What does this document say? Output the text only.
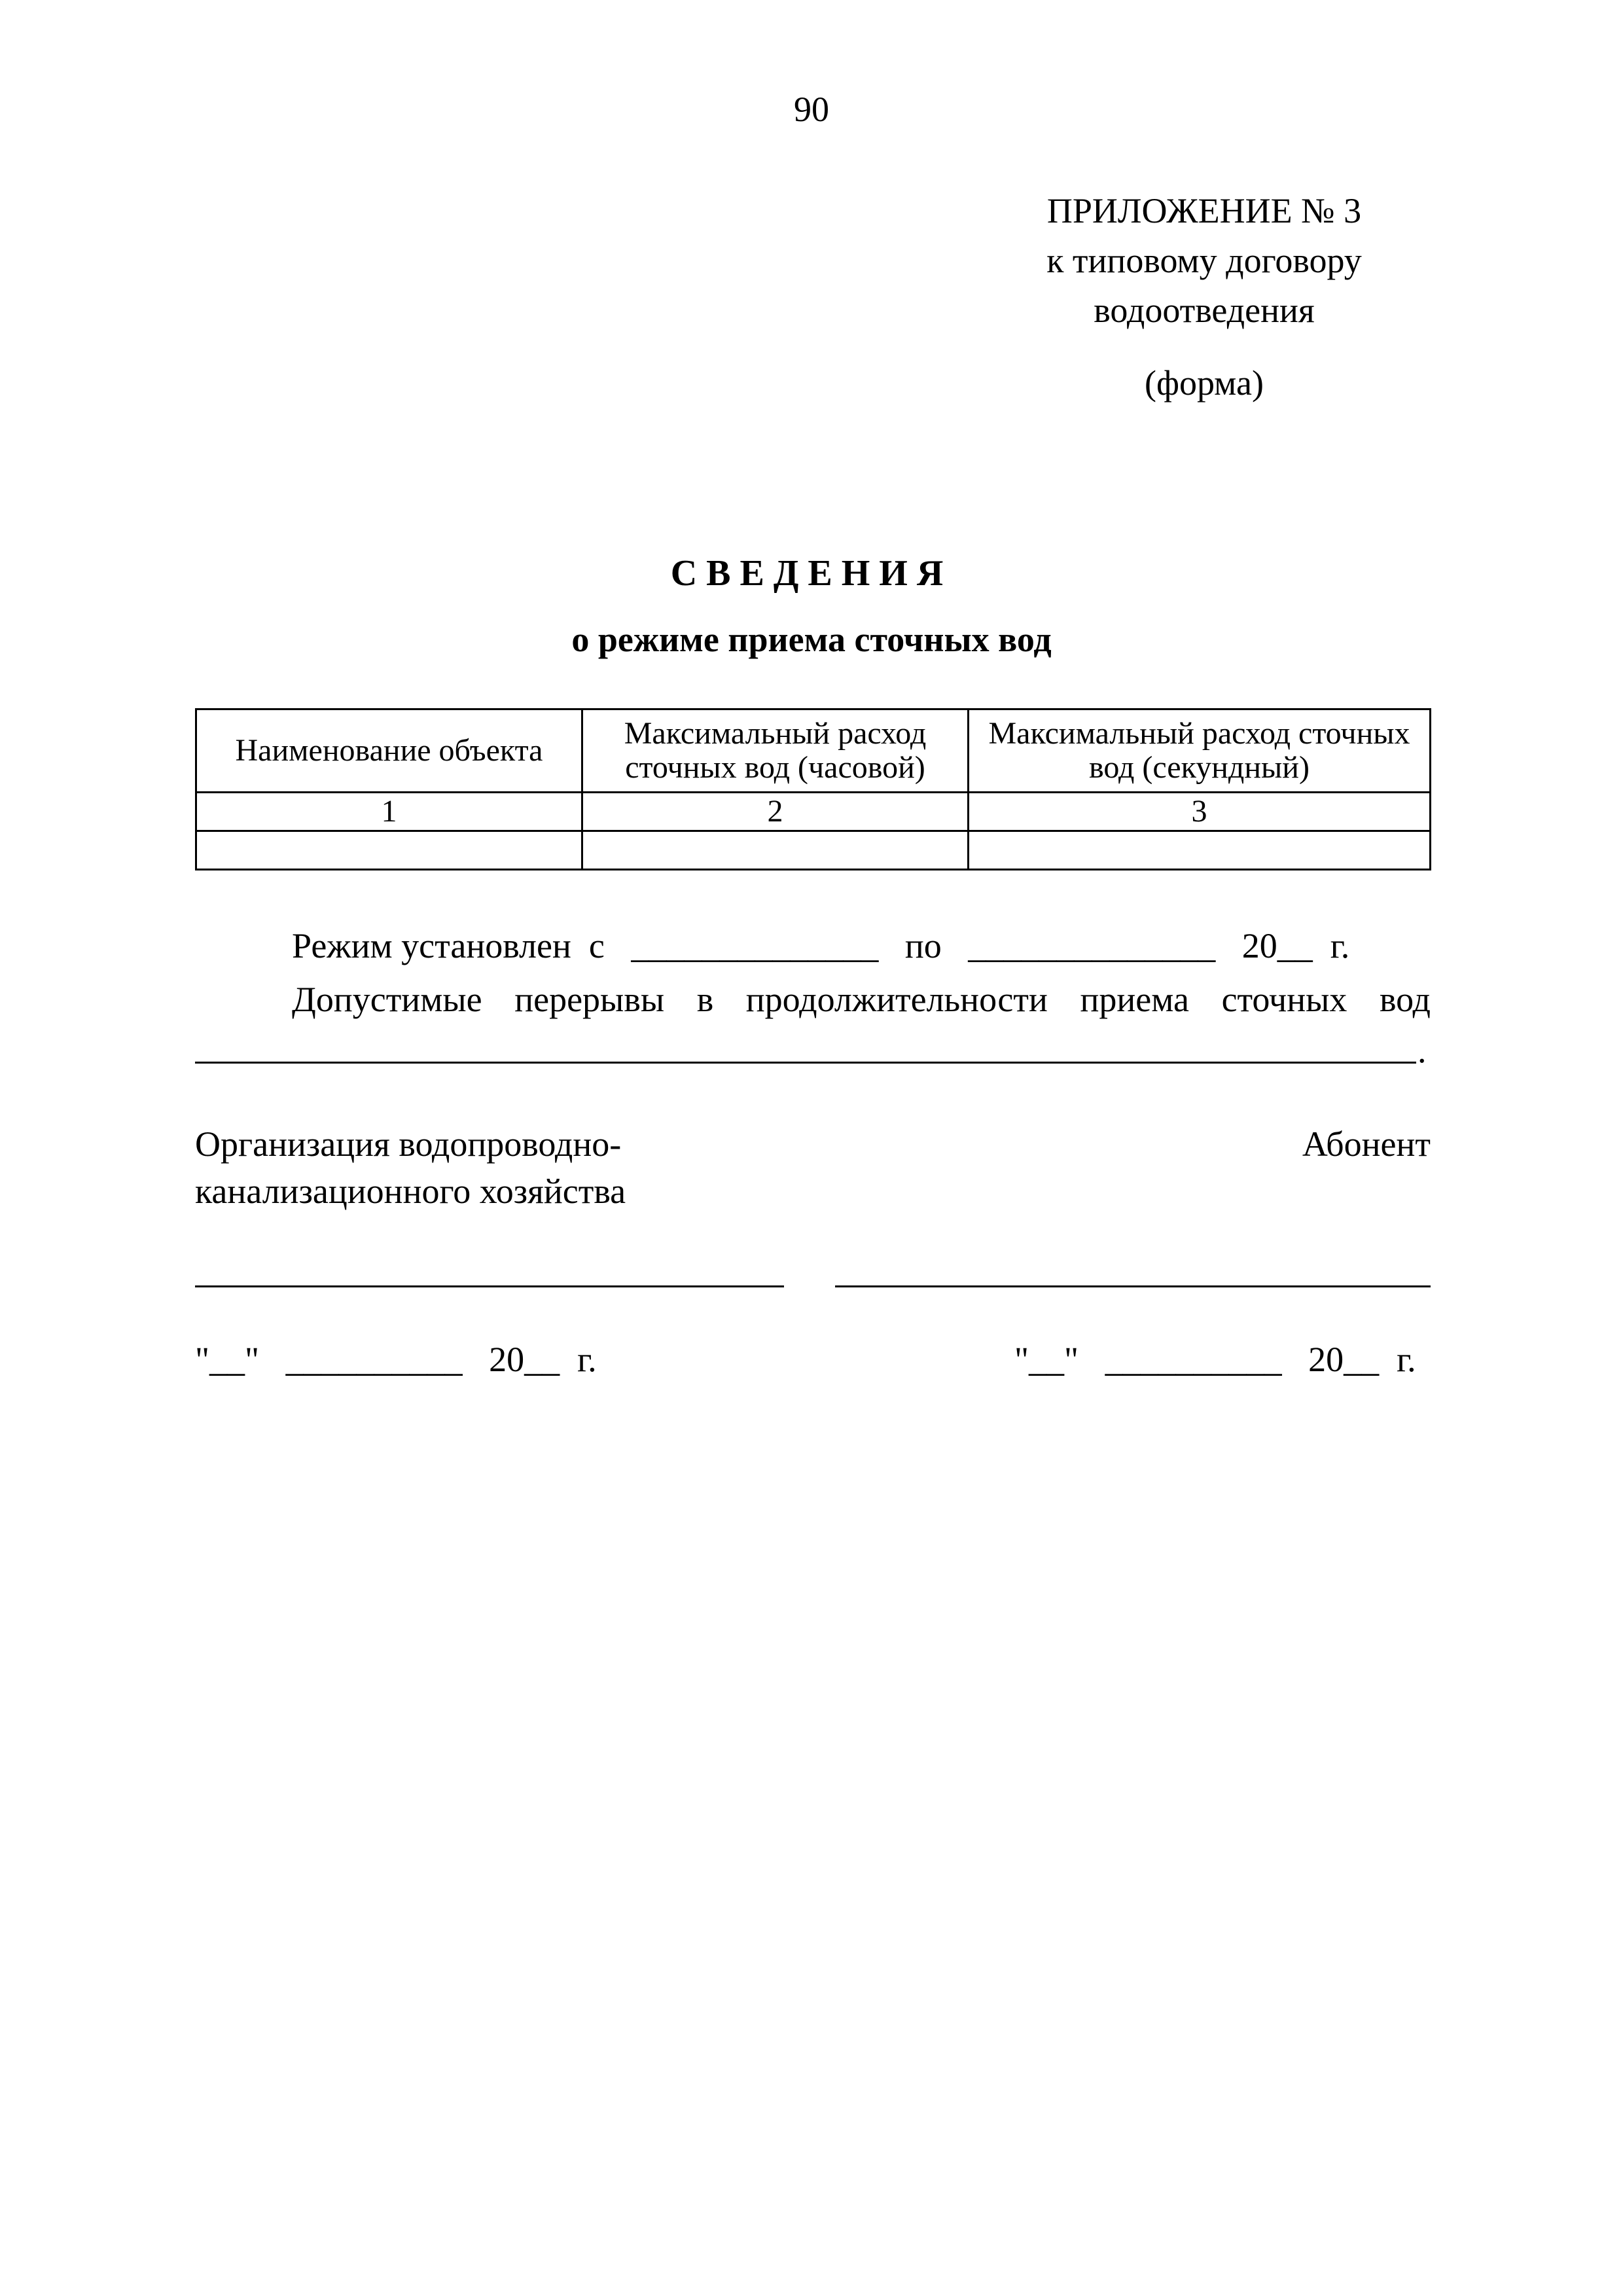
90
ПРИЛОЖЕНИЕ № 3
к типовому договору
водоотведения
(форма)
СВЕДЕНИЯ
о режиме приема сточных вод
Наименование объекта	Максимальный расход сточных вод (часовой)	Максимальный расход сточных вод (секундный)
1	2	3

Режим установлен  с ______________ по ______________ 20__  г.
Допустимые перерывы в продолжительности приема сточных вод
.
Организация водопроводно-
канализационного хозяйства
Абонент
"__" __________ 20__  г.	"__" __________ 20__  г.
